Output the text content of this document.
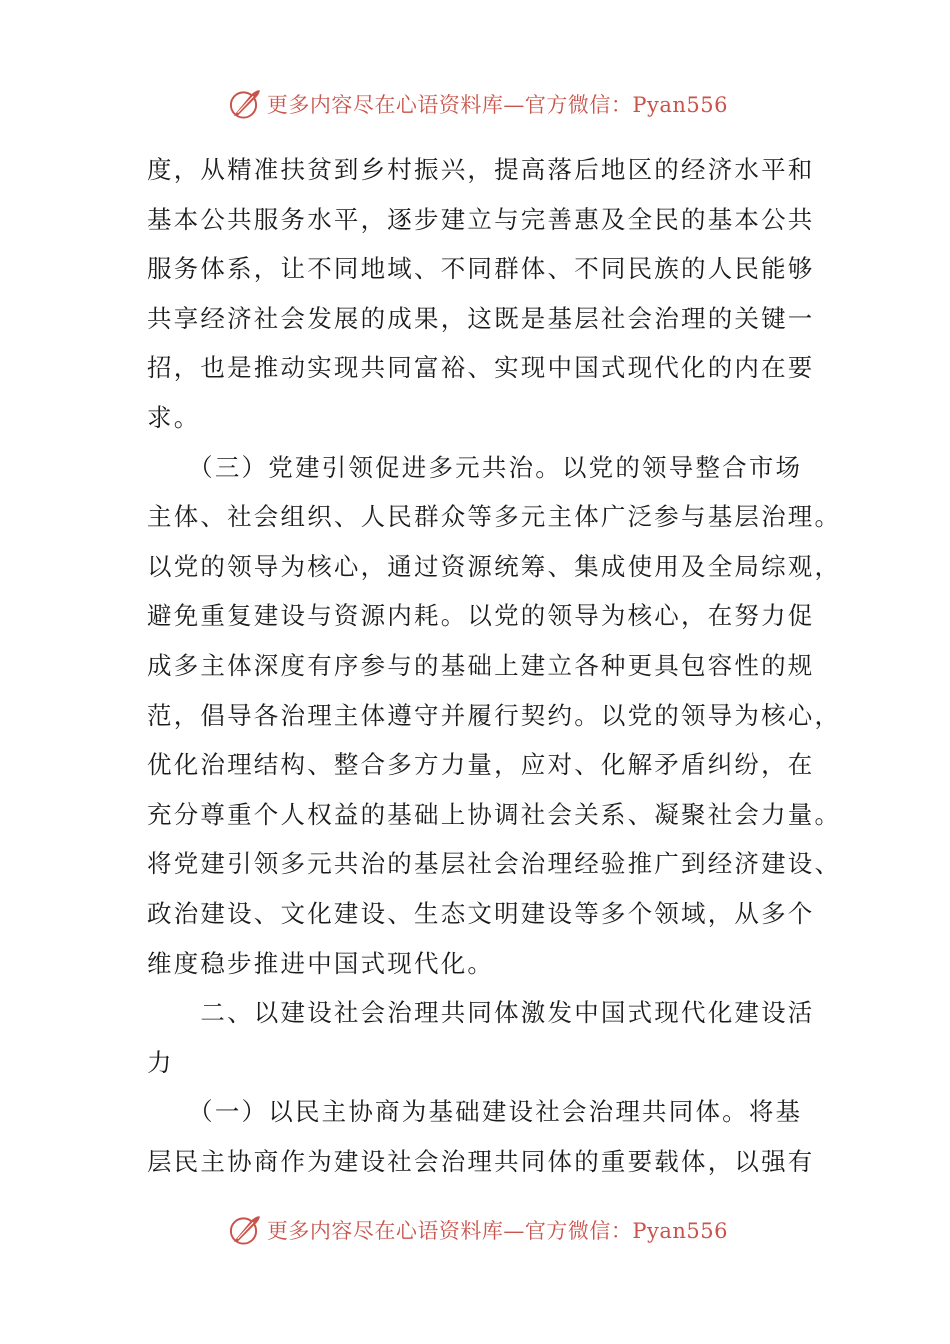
更多内容尽在心语资料库—官方微信：Pyan556
度，从精准扶贫到乡村振兴，提高落后地区的经济水平和
基本公共服务水平，逐步建立与完善惠及全民的基本公共
服务体系，让不同地域、不同群体、不同民族的人民能够
共享经济社会发展的成果，这既是基层社会治理的关键一
招，也是推动实现共同富裕、实现中国式现代化的内在要
求。
　　（三）党建引领促进多元共治。以党的领导整合市场
主体、社会组织、人民群众等多元主体广泛参与基层治理。
以党的领导为核心，通过资源统筹、集成使用及全局综观，
避免重复建设与资源内耗。以党的领导为核心，在努力促
成多主体深度有序参与的基础上建立各种更具包容性的规
范，倡导各治理主体遵守并履行契约。以党的领导为核心，
优化治理结构、整合多方力量，应对、化解矛盾纠纷，在
充分尊重个人权益的基础上协调社会关系、凝聚社会力量。
将党建引领多元共治的基层社会治理经验推广到经济建设、
政治建设、文化建设、生态文明建设等多个领域，从多个
维度稳步推进中国式现代化。
　　二、以建设社会治理共同体激发中国式现代化建设活
力
　　（一）以民主协商为基础建设社会治理共同体。将基
层民主协商作为建设社会治理共同体的重要载体，以强有
更多内容尽在心语资料库—官方微信：Pyan556
